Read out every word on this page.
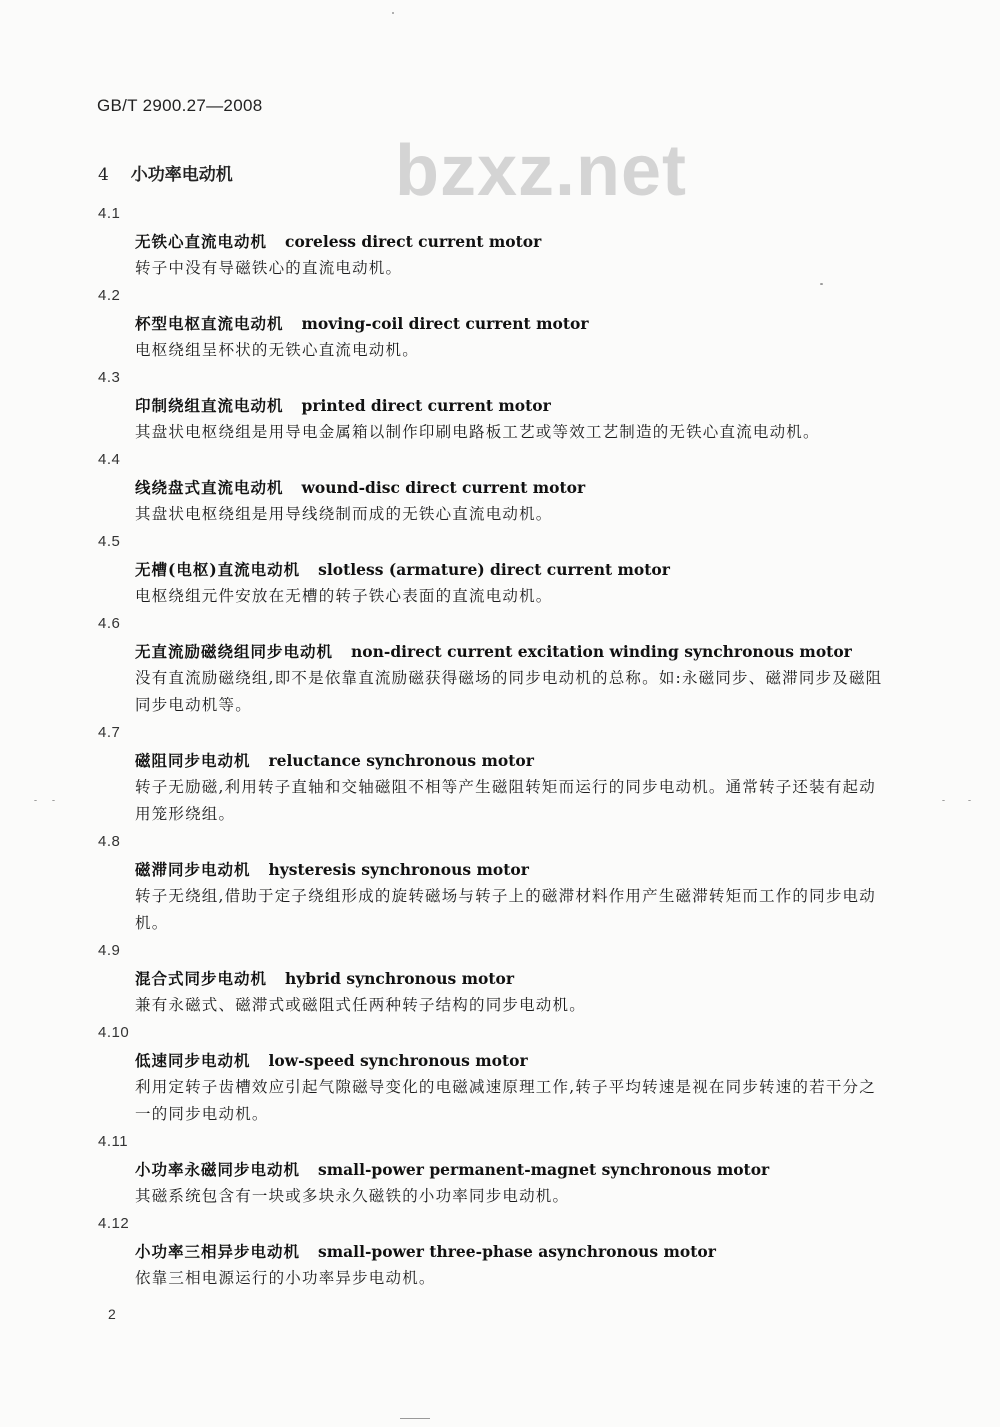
GB/T 2900.27—2008
bzxz.net
4 小功率电动机
4.1
无铁心直流电动机 coreless direct current motor
转子中没有导磁铁心的直流电动机。
4.2
杯型电枢直流电动机 moving-coil direct current motor
电枢绕组呈杯状的无铁心直流电动机。
4.3
印制绕组直流电动机 printed direct current motor
其盘状电枢绕组是用导电金属箱以制作印刷电路板工艺或等效工艺制造的无铁心直流电动机。
4.4
线绕盘式直流电动机 wound-disc direct current motor
其盘状电枢绕组是用导线绕制而成的无铁心直流电动机。
4.5
无槽(电枢)直流电动机 slotless (armature) direct current motor
电枢绕组元件安放在无槽的转子铁心表面的直流电动机。
4.6
无直流励磁绕组同步电动机 non-direct current excitation winding synchronous motor
没有直流励磁绕组,即不是依靠直流励磁获得磁场的同步电动机的总称。如:永磁同步、磁滞同步及磁阻同步电动机等。
4.7
磁阻同步电动机 reluctance synchronous motor
转子无励磁,利用转子直轴和交轴磁阻不相等产生磁阻转矩而运行的同步电动机。通常转子还装有起动用笼形绕组。
4.8
磁滞同步电动机 hysteresis synchronous motor
转子无绕组,借助于定子绕组形成的旋转磁场与转子上的磁滞材料作用产生磁滞转矩而工作的同步电动机。
4.9
混合式同步电动机 hybrid synchronous motor
兼有永磁式、磁滞式或磁阻式任两种转子结构的同步电动机。
4.10
低速同步电动机 low-speed synchronous motor
利用定转子齿槽效应引起气隙磁导变化的电磁减速原理工作,转子平均转速是视在同步转速的若干分之一的同步电动机。
4.11
小功率永磁同步电动机 small-power permanent-magnet synchronous motor
其磁系统包含有一块或多块永久磁铁的小功率同步电动机。
4.12
小功率三相异步电动机 small-power three-phase asynchronous motor
依靠三相电源运行的小功率异步电动机。
2
